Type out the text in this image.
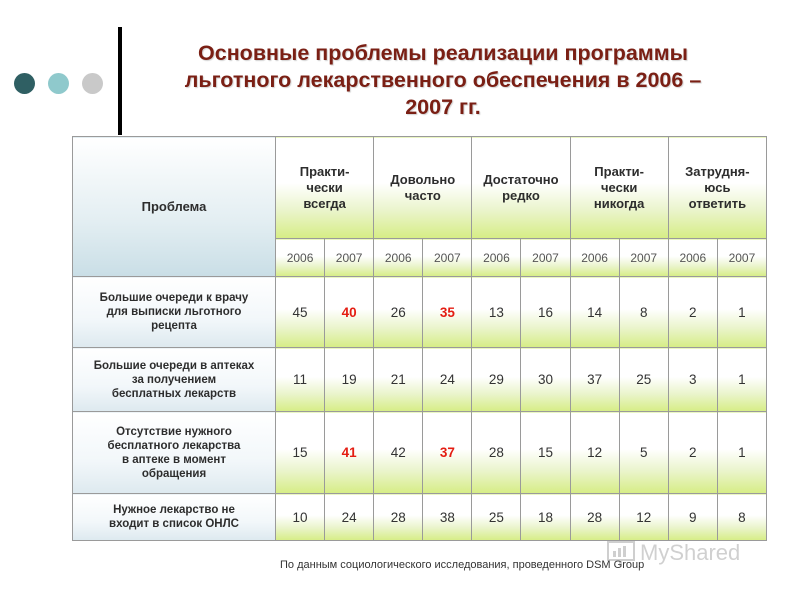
Основные проблемы реализации программы
льготного лекарственного обеспечения в 2006 –
2007 гг.
Проблема	Практи-
чески
всегда		Довольно
часто		Достаточно
редко		Практи-
чески
никогда		Затрудня-
юсь
ответить	

	2006	2007	2006	2007	2006	2007	2006	2007	2006	2007

Большие очереди к врачу
для выписки льготного
рецепта	45	40	26	35	13	16	14	8	2	1

Большие очереди в аптеках
за получением
бесплатных лекарств	11	19	21	24	29	30	37	25	3	1

Отсутствие нужного
бесплатного лекарства
в аптеке в момент
обращения	15	41	42	37	28	15	12	5	2	1

Нужное лекарство не
входит в список ОНЛС	10	24	28	38	25	18	28	12	9	8
По данным социологического исследования, проведенного DSM Group
MyShared
